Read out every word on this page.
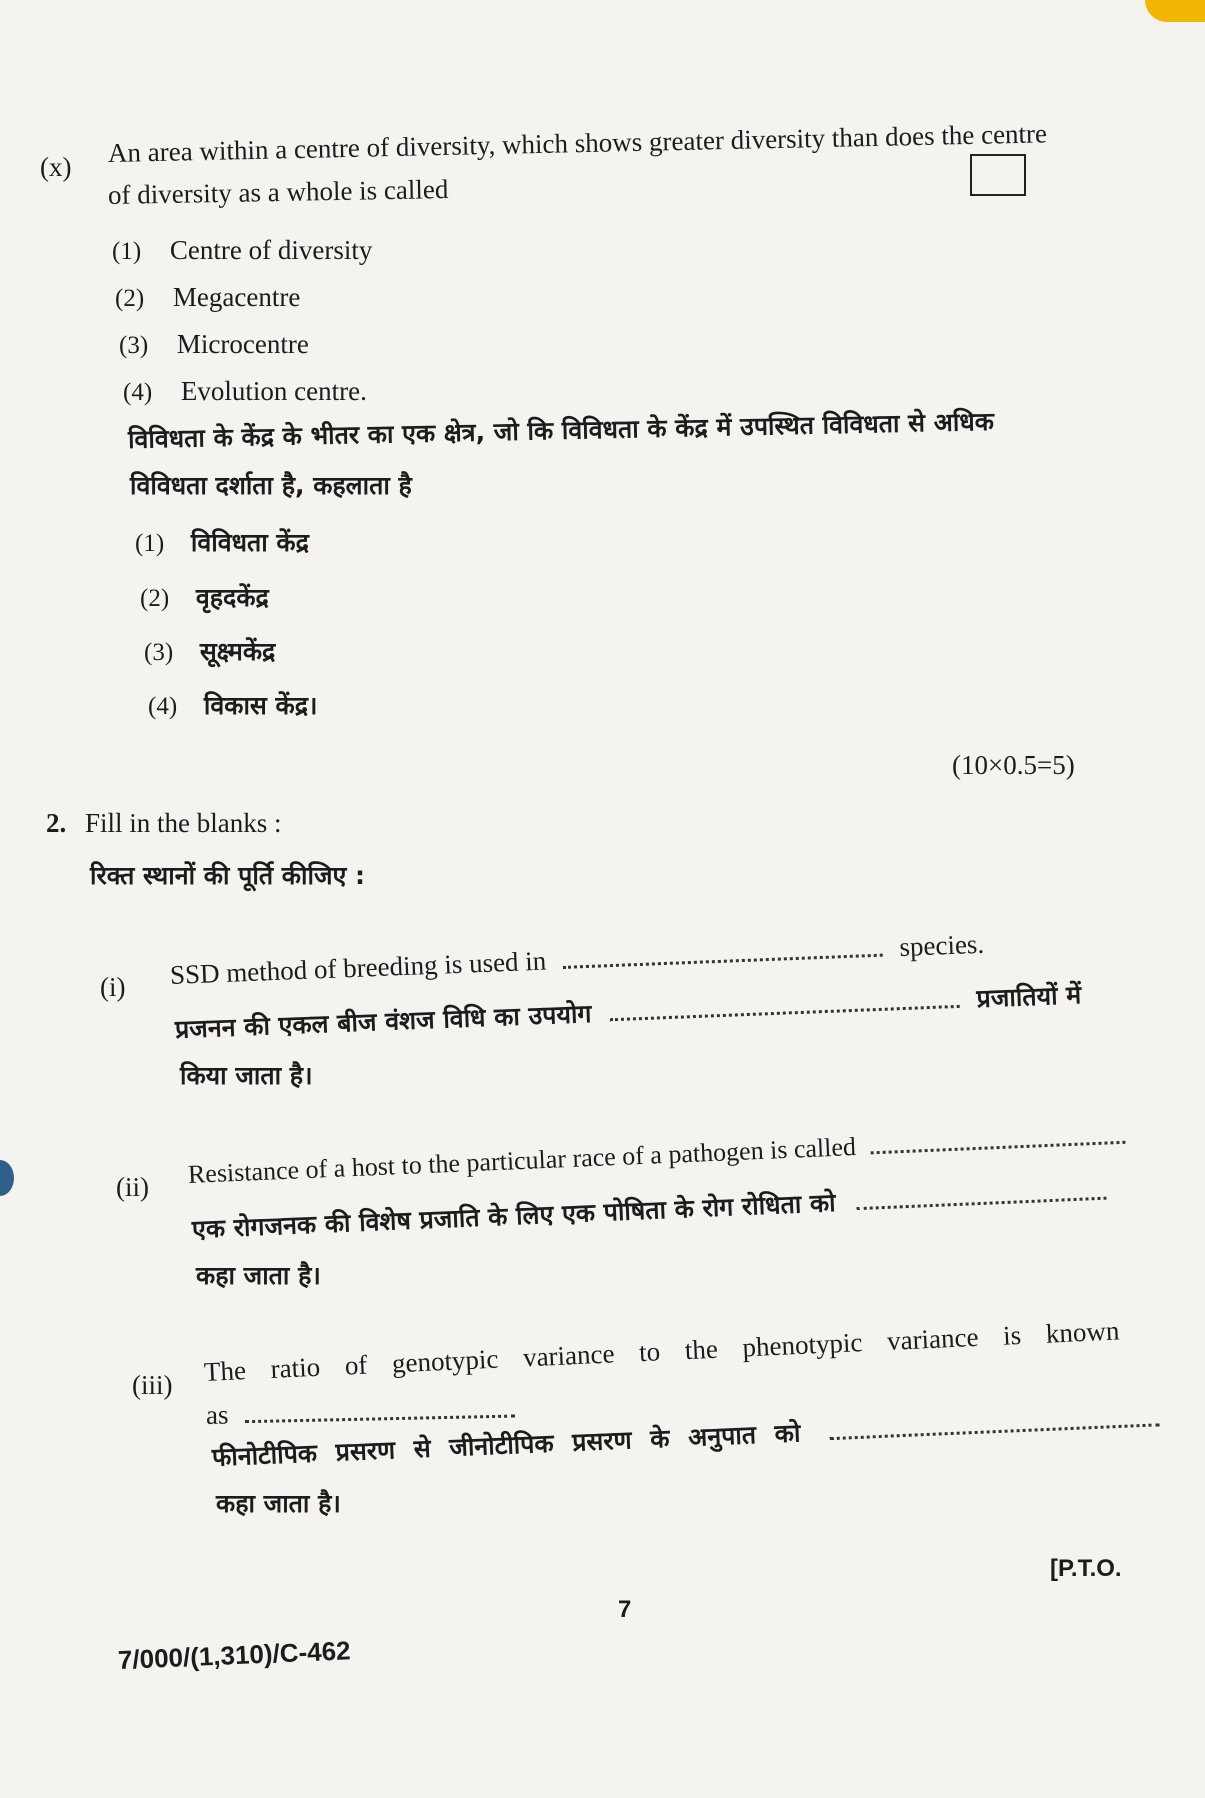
(x) An area within a centre of diversity, which shows greater diversity than does the centre
of diversity as a whole is called
(1) Centre of diversity
(2) Megacentre
(3) Microcentre
(4) Evolution centre.
विविधता के केंद्र के भीतर का एक क्षेत्र, जो कि विविधता के केंद्र में उपस्थित विविधता से अधिक
विविधता दर्शाता है, कहलाता है
(1) विविधता केंद्र
(2) वृहदकेंद्र
(3) सूक्ष्मकेंद्र
(4) विकास केंद्र।
(10×0.5=5)
2. Fill in the blanks :
रिक्त स्थानों की पूर्ति कीजिए :
(i) SSD method of breeding is used in  species.
प्रजनन की एकल बीज वंशज विधि का उपयोग  प्रजातियों में
किया जाता है।
(ii) Resistance of a host to the particular race of a pathogen is called
एक रोगजनक की विशेष प्रजाति के लिए एक पोषिता के रोग रोधिता को
कहा जाता है।
(iii) The ratio of genotypic variance to the phenotypic variance is known
as
फीनोटीपिक प्रसरण से जीनोटीपिक प्रसरण के अनुपात को
कहा जाता है।
[P.T.O.
7
7/000/(1,310)/C-462
